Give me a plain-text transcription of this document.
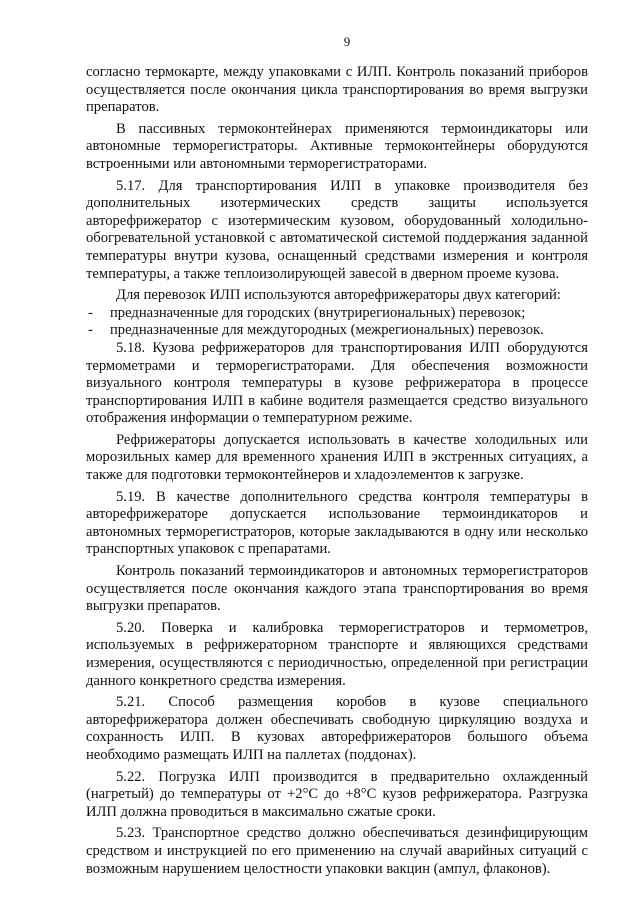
9

согласно термокарте, между упаковками с ИЛП. Контроль показаний приборов осуществляется после окончания цикла транспортирования во время выгрузки препаратов.

В пассивных термоконтейнерах применяются термоиндикаторы или автономные терморегистраторы. Активные термоконтейнеры оборудуются встроенными или автономными терморегистраторами.

5.17. Для транспортирования ИЛП в упаковке производителя без дополнительных изотермических средств защиты используется авторефрижератор с изотермическим кузовом, оборудованный холодильно-обогревательной установкой с автоматической системой поддержания заданной температуры внутри кузова, оснащенный средствами измерения и контроля температуры, а также теплоизолирующей завесой в дверном проеме кузова.

Для перевозок ИЛП используются авторефрижераторы двух категорий:

- предназначенные для городских (внутрирегиональных) перевозок;
- предназначенные для междугородных (межрегиональных) перевозок.

5.18. Кузова рефрижераторов для транспортирования ИЛП оборудуются термометрами и терморегистраторами. Для обеспечения возможности визуального контроля температуры в кузове рефрижератора в процессе транспортирования ИЛП в кабине водителя размещается средство визуального отображения информации о температурном режиме.

Рефрижераторы допускается использовать в качестве холодильных или морозильных камер для временного хранения ИЛП в экстренных ситуациях, а также для подготовки термоконтейнеров и хладоэлементов к загрузке.

5.19. В качестве дополнительного средства контроля температуры в авторефрижераторе допускается использование термоиндикаторов и автономных терморегистраторов, которые закладываются в одну или несколько транспортных упаковок с препаратами.

Контроль показаний термоиндикаторов и автономных терморегистраторов осуществляется после окончания каждого этапа транспортирования во время выгрузки препаратов.

5.20. Поверка и калибровка терморегистраторов и термометров, используемых в рефрижераторном транспорте и являющихся средствами измерения, осуществляются с периодичностью, определенной при регистрации данного конкретного средства измерения.

5.21. Способ размещения коробов в кузове специального авторефрижератора должен обеспечивать свободную циркуляцию воздуха и сохранность ИЛП. В кузовах авторефрижераторов большого объема необходимо размещать ИЛП на паллетах (поддонах).

5.22. Погрузка ИЛП производится в предварительно охлажденный (нагретый) до температуры от +2°С до +8°С кузов рефрижератора. Разгрузка ИЛП должна проводиться в максимально сжатые сроки.

5.23. Транспортное средство должно обеспечиваться дезинфицирующим средством и инструкцией по его применению на случай аварийных ситуаций с возможным нарушением целостности упаковки вакцин (ампул, флаконов).
